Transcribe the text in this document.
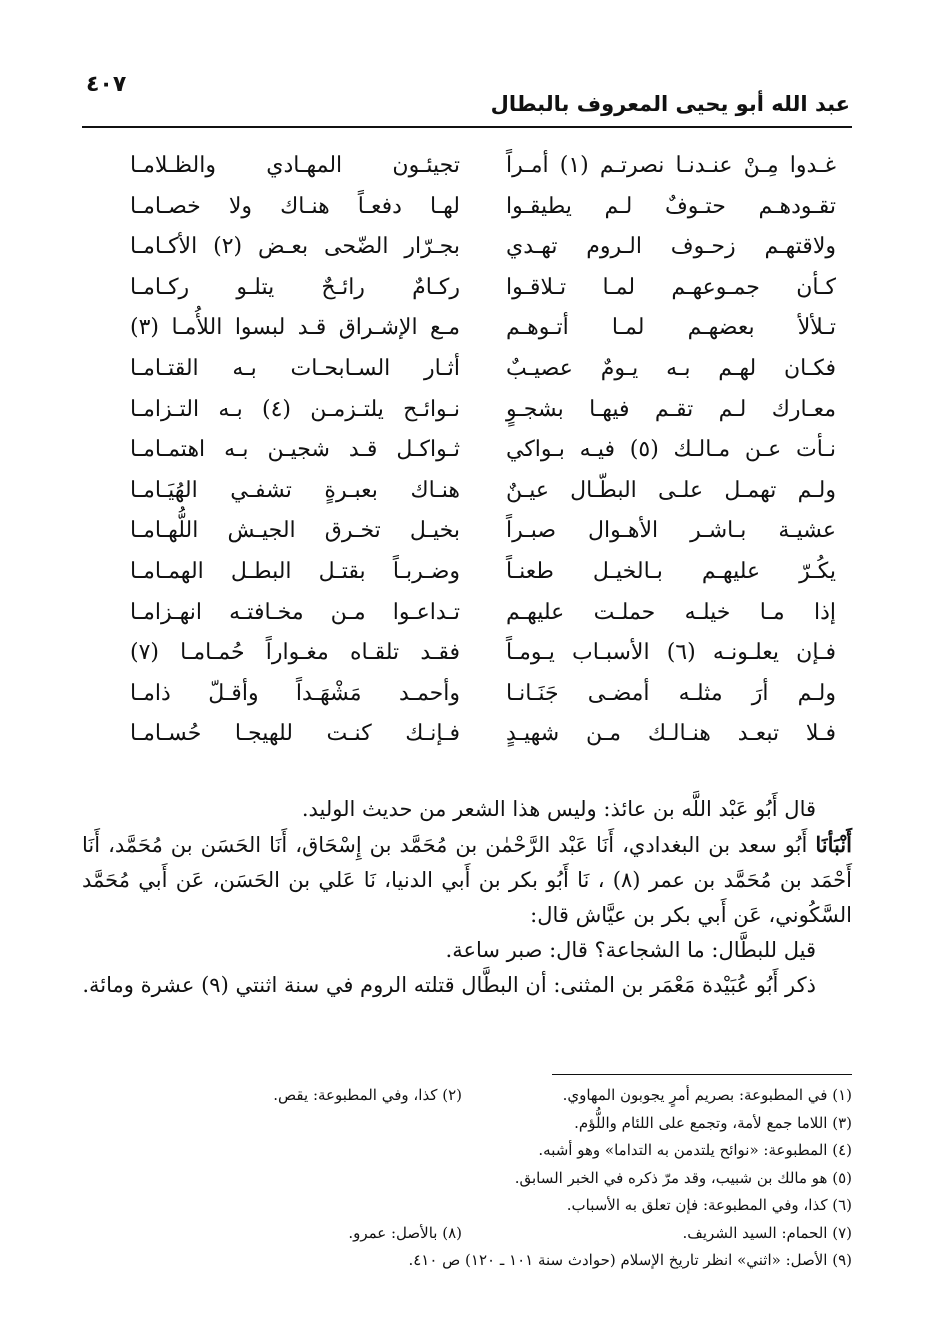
عبد الله أبو يحيى المعروف بالبطال
٤٠٧
غـدوا مِـنْ عنـدنـا نصرتـم (١) أمـراً
تقـودهـم حتـوفٌ لـم يطيقـوا
ولاقتهـم زحـوف الـروم تهـدي
كـأن جمـوعهـم لمـا تـلاقـوا
تـلألأ بعضهـم لمـا أتـوهـم
فكـان لهـم بـه يـومٌ عصيـبٌ
معـارك لـم تقـم فيهـا بشجـوٍ
نـأت عـن مـالـك (٥) فيـه بـواكي
ولـم تهمـل علـى البطّـال عيـنٌ
عشيـة بـاشـر الأهـوال صبـراً
يكُـرّ عليهـم بـالخيـل طعنـاً
إذا مـا خيلـه حملـت عليهـم
فـإن يعلـونـه (٦) الأسبـاب يـومـاً
ولـم أرَ مثلـه أمضـى جَنَـانـا
فـلا تبعـد هنـالـك مـن شهيـدٍ
تجيئـون المهـادي والظـلامـا
لهـا دفعـاً هنـاك ولا خصـامـا
بجـرّار الضّحى بعـض (٢) الأكـامـا
ركـامٌ رائـحٌ يتلـو ركـامـا
مـع الإشـراق قـد لبسوا اللأُمـا (٣)
أثـار السـابحـات بـه القتـامـا
نـوائـح يلتـزمـن (٤) بـه التـزامـا
ثـواكـل قـد شجيـن بـه اهتمـامـا
هنـاك بعبـرةٍ تشفـي الهُيَـامـا
بخيـل تخـرق الجيـش اللُّهـامـا
وضـربـاً بقتـل البطـل الهمـامـا
تـداعـوا مـن مخـافتـه انهـزامـا
فقـد تلقـاه مغـواراً حُمـامـا (٧)
وأحمـد مَشْهَـداً وأقـلّ ذامـا
فـإنـك كنـت للهيجـا حُسـامـا

قال أَبُو عَبْد اللَّه بن عائذ: وليس هذا الشعر من حديث الوليد.

أَنْبَأنَا أَبُو سعد بن البغدادي، أَنَا عَبْد الرَّحْمٰن بن مُحَمَّد بن إِسْحَاق، أَنَا الحَسَن بن مُحَمَّد، أَنَا أَحْمَد بن مُحَمَّد بن عمر (٨) ، نَا أَبُو بكر بن أَبي الدنيا، نَا عَلي بن الحَسَن، عَن أَبي مُحَمَّد السَّكُوني، عَن أَبي بكر بن عيَّاش قال:

قيل للبطَّال: ما الشجاعة؟ قال: صبر ساعة.

ذكر أَبُو عُبَيْدة مَعْمَر بن المثنى: أن البطَّال قتلته الروم في سنة اثنتي (٩) عشرة ومائة.

(١) في المطبوعة: بصريم أمرٍ يجوبون المهاوي.
(٢) كذا، وفي المطبوعة: يقص.
(٣) اللاما جمع لأمة، وتجمع على اللئام واللُّؤم.
(٤) المطبوعة: «نوائح يلتدمن به التداما» وهو أشبه.
(٥) هو مالك بن شبيب، وقد مرّ ذكره في الخبر السابق.
(٦) كذا، وفي المطبوعة: فإن تعلق به الأسباب.
(٧) الحمام: السيد الشريف.
(٨) بالأصل: عمرو.
(٩) الأصل: «اثني» انظر تاريخ الإسلام (حوادث سنة ١٠١ ـ ١٢٠) ص ٤١٠.
